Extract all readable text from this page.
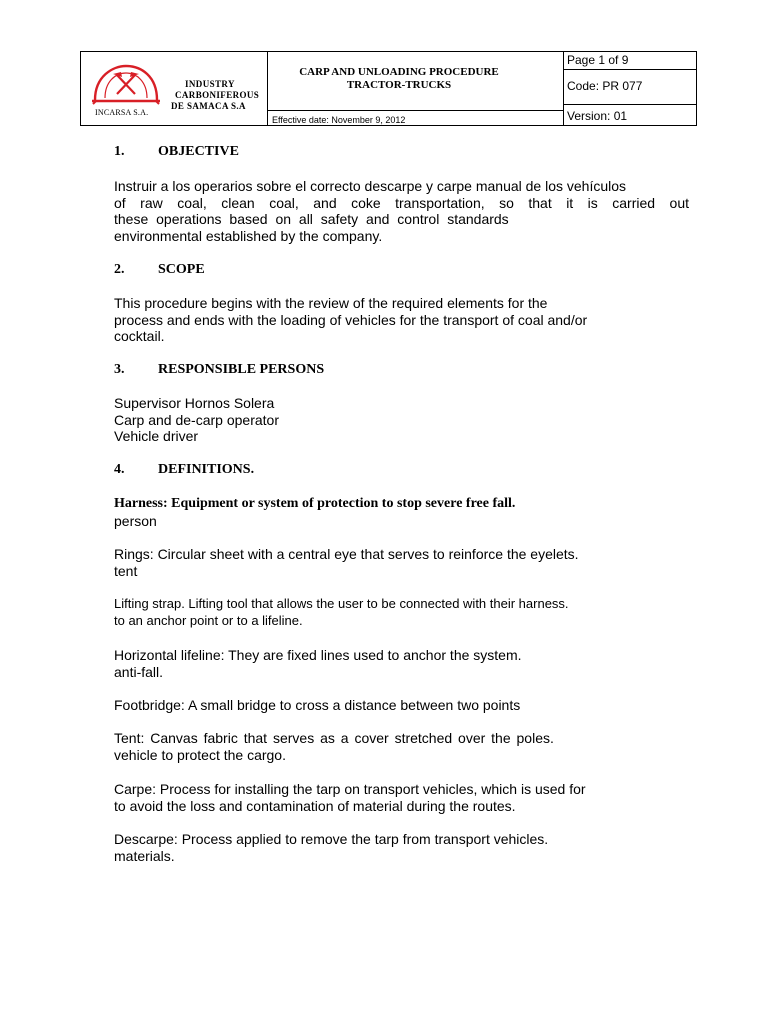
INCARSA S.A.
INDUSTRY
CARBONIFEROUS
DE SAMACA S.A
CARP AND UNLOADING PROCEDURE
TRACTOR-TRUCKS
Effective date: November 9, 2012
Page 1 of 9
Code: PR 077
Version: 01
1. OBJECTIVE
Instruir a los operarios sobre el correcto descarpe y carpe manual de los vehículos
of raw coal, clean coal, and coke transportation, so that it is carried out
these operations based on all safety and control standards
environmental established by the company.
2. SCOPE
This procedure begins with the review of the required elements for the
process and ends with the loading of vehicles for the transport of coal and/or
cocktail.
3. RESPONSIBLE PERSONS
Supervisor Hornos Solera
Carp and de-carp operator
Vehicle driver
4. DEFINITIONS.
Harness: Equipment or system of protection to stop severe free fall.
person
Rings: Circular sheet with a central eye that serves to reinforce the eyelets.
tent
Lifting strap. Lifting tool that allows the user to be connected with their harness.
to an anchor point or to a lifeline.
Horizontal lifeline: They are fixed lines used to anchor the system.
anti-fall.
Footbridge: A small bridge to cross a distance between two points
Tent: Canvas fabric that serves as a cover stretched over the poles.
vehicle to protect the cargo.
Carpe: Process for installing the tarp on transport vehicles, which is used for
to avoid the loss and contamination of material during the routes.
Descarpe: Process applied to remove the tarp from transport vehicles.
materials.
